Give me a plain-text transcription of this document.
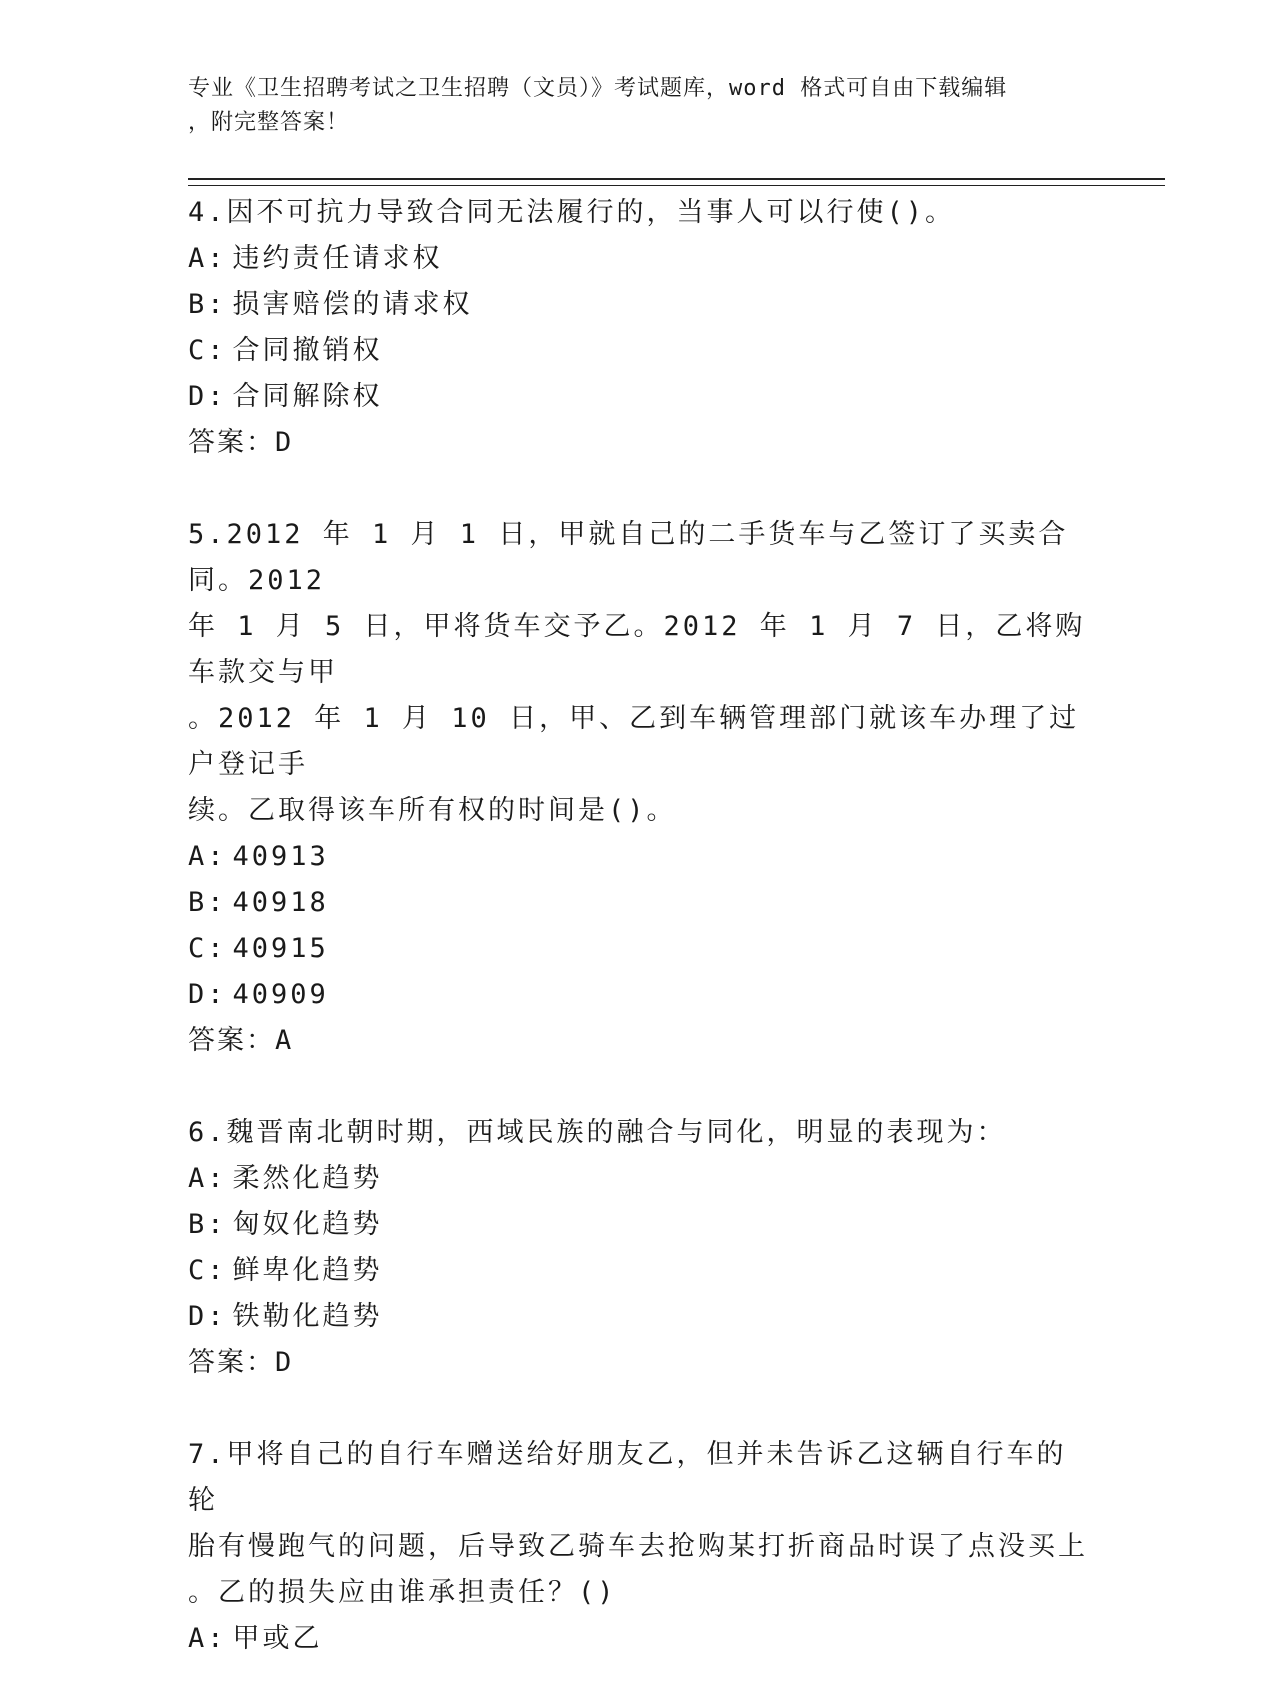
专业《卫生招聘考试之卫生招聘（文员）》考试题库，word 格式可自由下载编辑
，附完整答案！
4.因不可抗力导致合同无法履行的，当事人可以行使()。
A: 违约责任请求权
B: 损害赔偿的请求权
C: 合同撤销权
D: 合同解除权
答案：D
5.2012 年 1 月 1 日，甲就自己的二手货车与乙签订了买卖合同。2012
年 1 月 5 日，甲将货车交予乙。2012 年 1 月 7 日，乙将购车款交与甲
。2012 年 1 月 10 日，甲、乙到车辆管理部门就该车办理了过户登记手
续。乙取得该车所有权的时间是()。
A: 40913
B: 40918
C: 40915
D: 40909
答案：A
6.魏晋南北朝时期，西域民族的融合与同化，明显的表现为：
A: 柔然化趋势
B: 匈奴化趋势
C: 鲜卑化趋势
D: 铁勒化趋势
答案：D
7.甲将自己的自行车赠送给好朋友乙，但并未告诉乙这辆自行车的轮
胎有慢跑气的问题，后导致乙骑车去抢购某打折商品时误了点没买上
。乙的损失应由谁承担责任？()
A: 甲或乙
